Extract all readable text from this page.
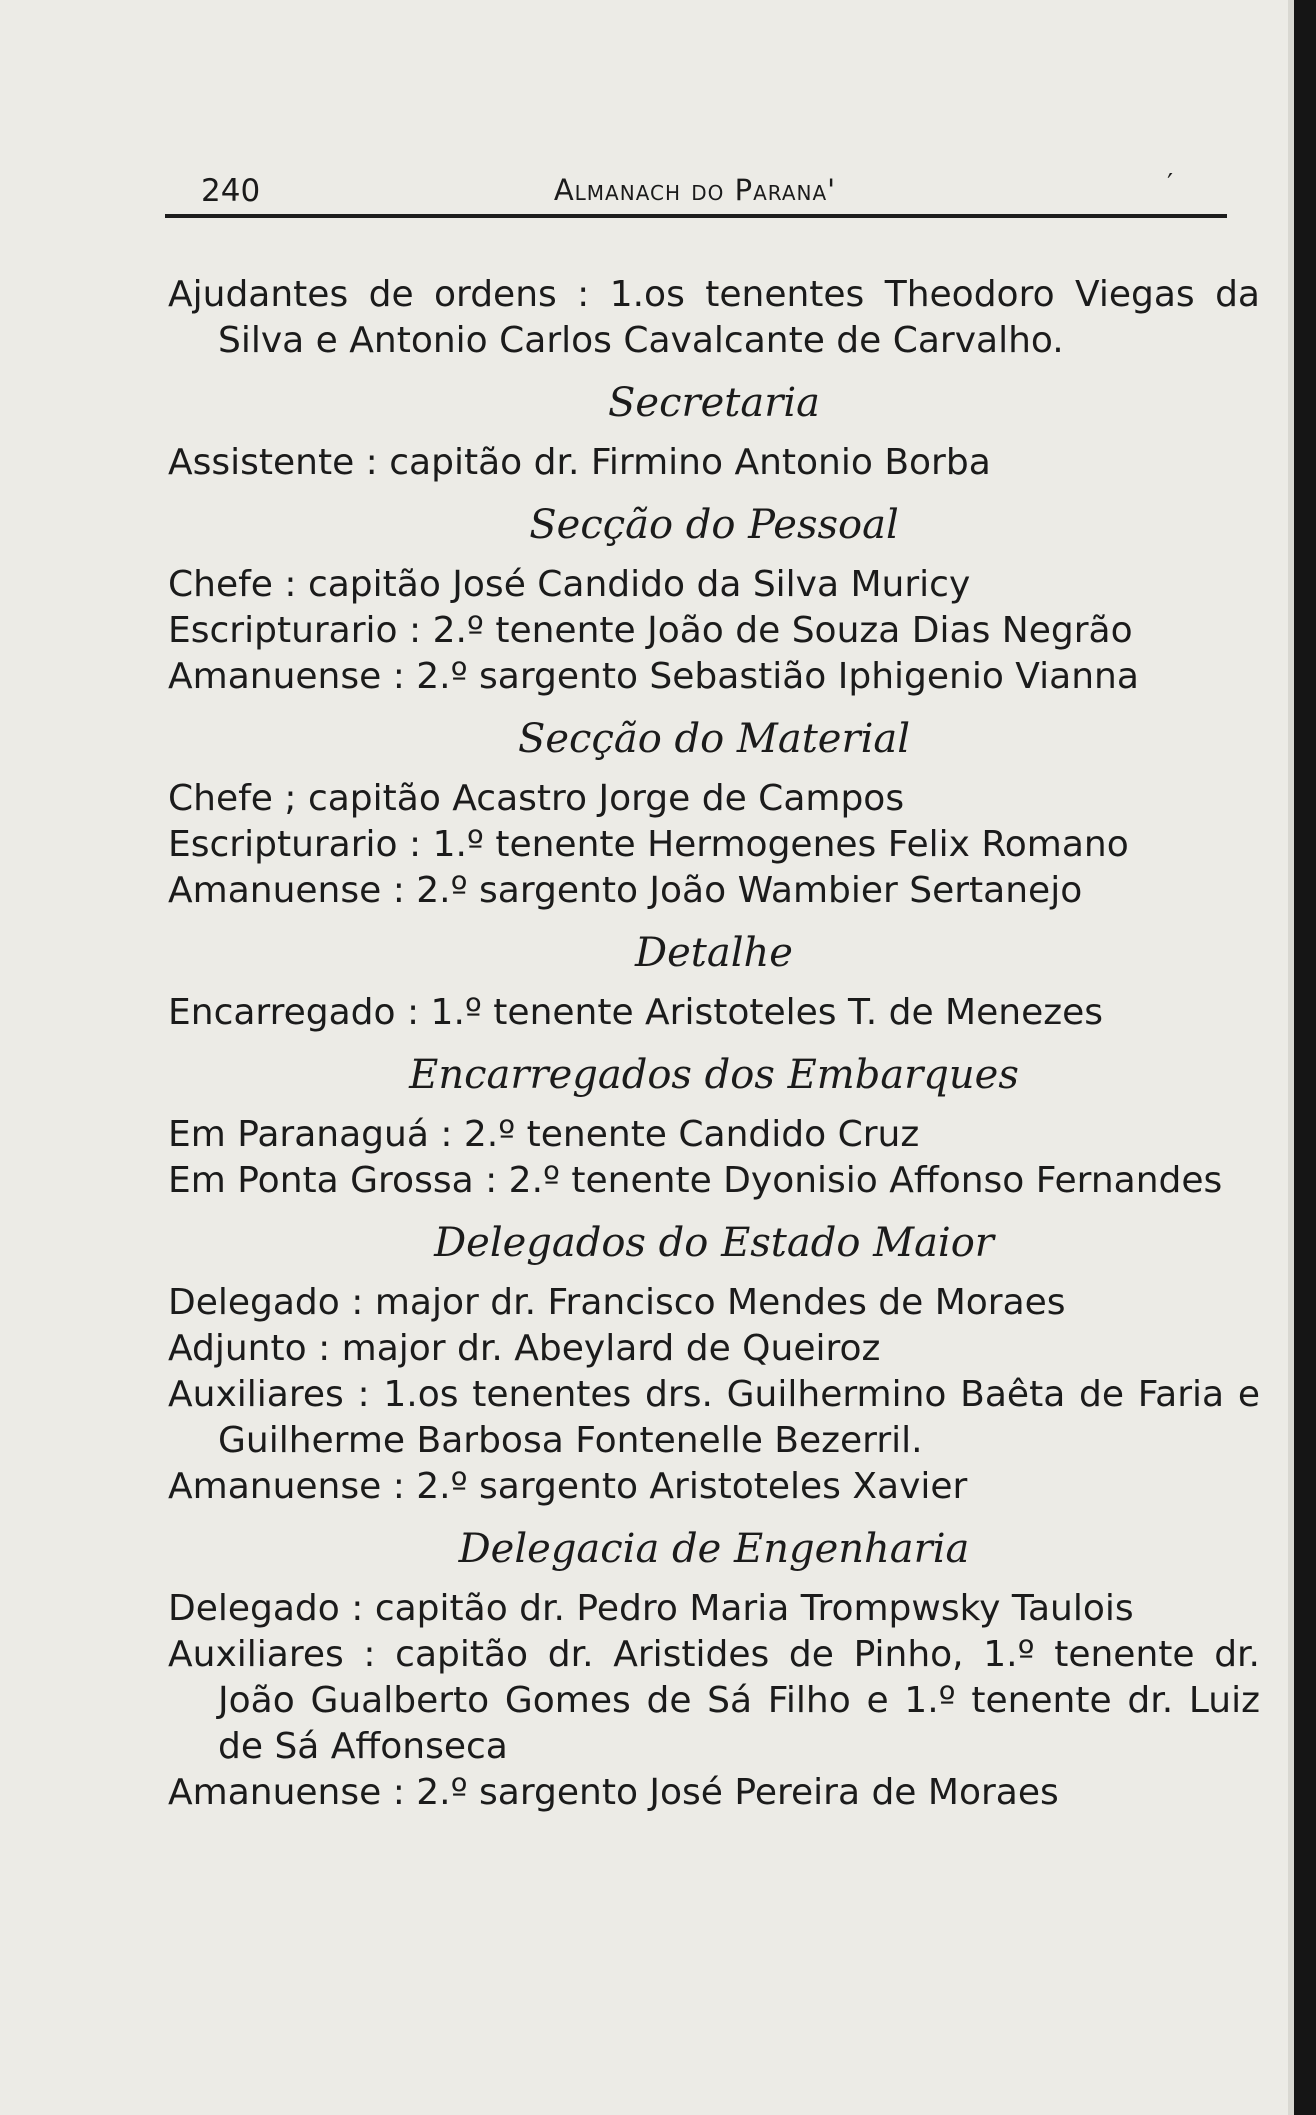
240	Almanach do Parana'	′

Ajudantes de ordens : 1.os tenentes Theodoro Viegas da Silva e Antonio Carlos Cavalcante de Carvalho.

Secretaria

Assistente : capitão dr. Firmino Antonio Borba

Secção do Pessoal

Chefe : capitão José Candido da Silva Muricy

Escripturario : 2.º tenente João de Souza Dias Negrão

Amanuense : 2.º sargento Sebastião Iphigenio Vianna

Secção do Material

Chefe ; capitão Acastro Jorge de Campos

Escripturario : 1.º tenente Hermogenes Felix Romano

Amanuense : 2.º sargento João Wambier Sertanejo

Detalhe

Encarregado : 1.º tenente Aristoteles T. de Menezes

Encarregados dos Embarques

Em Paranaguá : 2.º tenente Candido Cruz

Em Ponta Grossa : 2.º tenente Dyonisio Affonso Fernandes

Delegados do Estado Maior

Delegado : major dr. Francisco Mendes de Moraes

Adjunto : major dr. Abeylard de Queiroz

Auxiliares : 1.os tenentes drs. Guilhermino Baêta de Faria e Guilherme Barbosa Fontenelle Bezerril.

Amanuense : 2.º sargento Aristoteles Xavier

Delegacia de Engenharia

Delegado : capitão dr. Pedro Maria Trompwsky Taulois

Auxiliares : capitão dr. Aristides de Pinho, 1.º tenente dr. João Gualberto Gomes de Sá Filho e 1.º tenente dr. Luiz de Sá Affonseca

Amanuense : 2.º sargento José Pereira de Moraes
